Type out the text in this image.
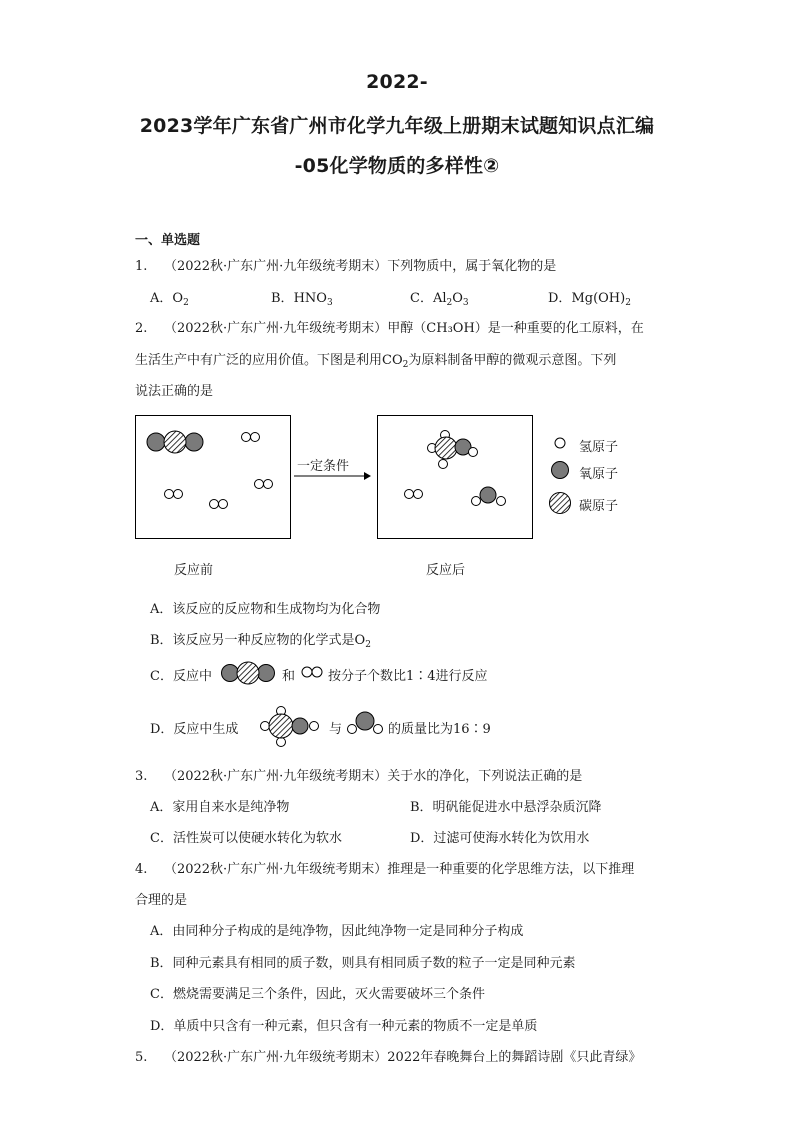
2022-
2023学年广东省广州市化学九年级上册期末试题知识点汇编
-05化学物质的多样性②
一、单选题
1. （2022秋·广东广州·九年级统考期末）下列物质中，属于氧化物的是
A．$O_2$	B．$HNO_3$	C．$Al_2O_3$	D．$Mg(OH)_2$
2. （2022秋·广东广州·九年级统考期末）甲醇（CH₃OH）是一种重要的化工原料，在
生活生产中有广泛的应用价值。下图是利用$CO_2$为原料制备甲醇的微观示意图。下列
说法正确的是
一定条件
氢原子
氧原子
碳原子
反应前	反应后
A．该反应的反应物和生成物均为化合物
B．该反应另一种反应物的化学式是$O_2$
C．反应中	和	按分子个数比1∶4进行反应
D．反应中生成	与	的质量比为16∶9
3. （2022秋·广东广州·九年级统考期末）关于水的净化，下列说法正确的是
A．家用自来水是纯净物	B．明矾能促进水中悬浮杂质沉降
C．活性炭可以使硬水转化为软水	D．过滤可使海水转化为饮用水
4. （2022秋·广东广州·九年级统考期末）推理是一种重要的化学思维方法，以下推理
合理的是
A．由同种分子构成的是纯净物，因此纯净物一定是同种分子构成
B．同种元素具有相同的质子数，则具有相同质子数的粒子一定是同种元素
C．燃烧需要满足三个条件，因此，灭火需要破坏三个条件
D．单质中只含有一种元素，但只含有一种元素的物质不一定是单质
5. （2022秋·广东广州·九年级统考期末）2022年春晚舞台上的舞蹈诗剧《只此青绿》
